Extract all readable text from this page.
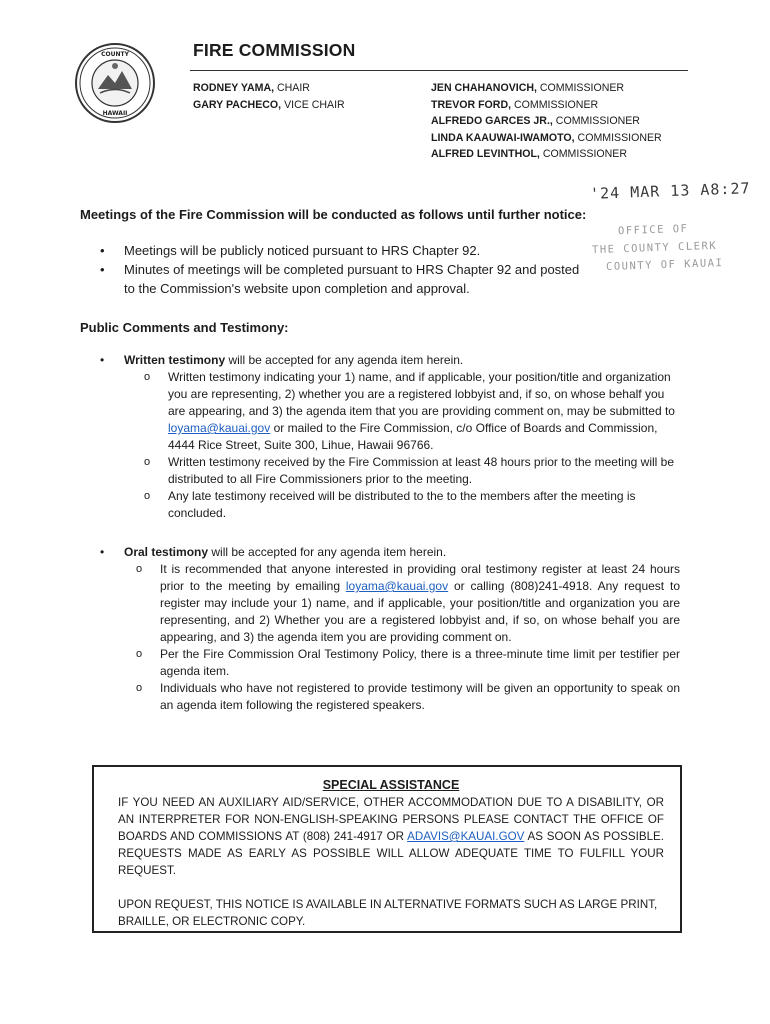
COUNTY
HAWAII
FIRE COMMISSION
RODNEY YAMA, CHAIR
GARY PACHECO, VICE CHAIR
JEN CHAHANOVICH, COMMISSIONER
TREVOR FORD, COMMISSIONER
ALFREDO GARCES JR., COMMISSIONER
LINDA KAAUWAI-IWAMOTO, COMMISSIONER
ALFRED LEVINTHOL, COMMISSIONER
'24 MAR 13 A8:27
OFFICE OF
THE COUNTY CLERK
COUNTY OF KAUAI
Meetings of the Fire Commission will be conducted as follows until further notice:
• Meetings will be publicly noticed pursuant to HRS Chapter 92.
• Minutes of meetings will be completed pursuant to HRS Chapter 92 and posted to the Commission's website upon completion and approval.
Public Comments and Testimony:
• Written testimony will be accepted for any agenda item herein.
o Written testimony indicating your 1) name, and if applicable, your position/title and organization you are representing, 2) whether you are a registered lobbyist and, if so, on whose behalf you are appearing, and 3) the agenda item that you are providing comment on, may be submitted to loyama@kauai.gov or mailed to the Fire Commission, c/o Office of Boards and Commission, 4444 Rice Street, Suite 300, Lihue, Hawaii 96766.
o Written testimony received by the Fire Commission at least 48 hours prior to the meeting will be distributed to all Fire Commissioners prior to the meeting.
o Any late testimony received will be distributed to the to the members after the meeting is concluded.
• Oral testimony will be accepted for any agenda item herein.
o It is recommended that anyone interested in providing oral testimony register at least 24 hours prior to the meeting by emailing loyama@kauai.gov or calling (808)241-4918. Any request to register may include your 1) name, and if applicable, your position/title and organization you are representing, and 2) Whether you are a registered lobbyist and, if so, on whose behalf you are appearing, and 3) the agenda item you are providing comment on.
o Per the Fire Commission Oral Testimony Policy, there is a three-minute time limit per testifier per agenda item.
o Individuals who have not registered to provide testimony will be given an opportunity to speak on an agenda item following the registered speakers.
SPECIAL ASSISTANCE
IF YOU NEED AN AUXILIARY AID/SERVICE, OTHER ACCOMMODATION DUE TO A DISABILITY, OR AN INTERPRETER FOR NON-ENGLISH-SPEAKING PERSONS PLEASE CONTACT THE OFFICE OF BOARDS AND COMMISSIONS AT (808) 241-4917 OR ADAVIS@KAUAI.GOV AS SOON AS POSSIBLE. REQUESTS MADE AS EARLY AS POSSIBLE WILL ALLOW ADEQUATE TIME TO FULFILL YOUR REQUEST.
UPON REQUEST, THIS NOTICE IS AVAILABLE IN ALTERNATIVE FORMATS SUCH AS LARGE PRINT, BRAILLE, OR ELECTRONIC COPY.
